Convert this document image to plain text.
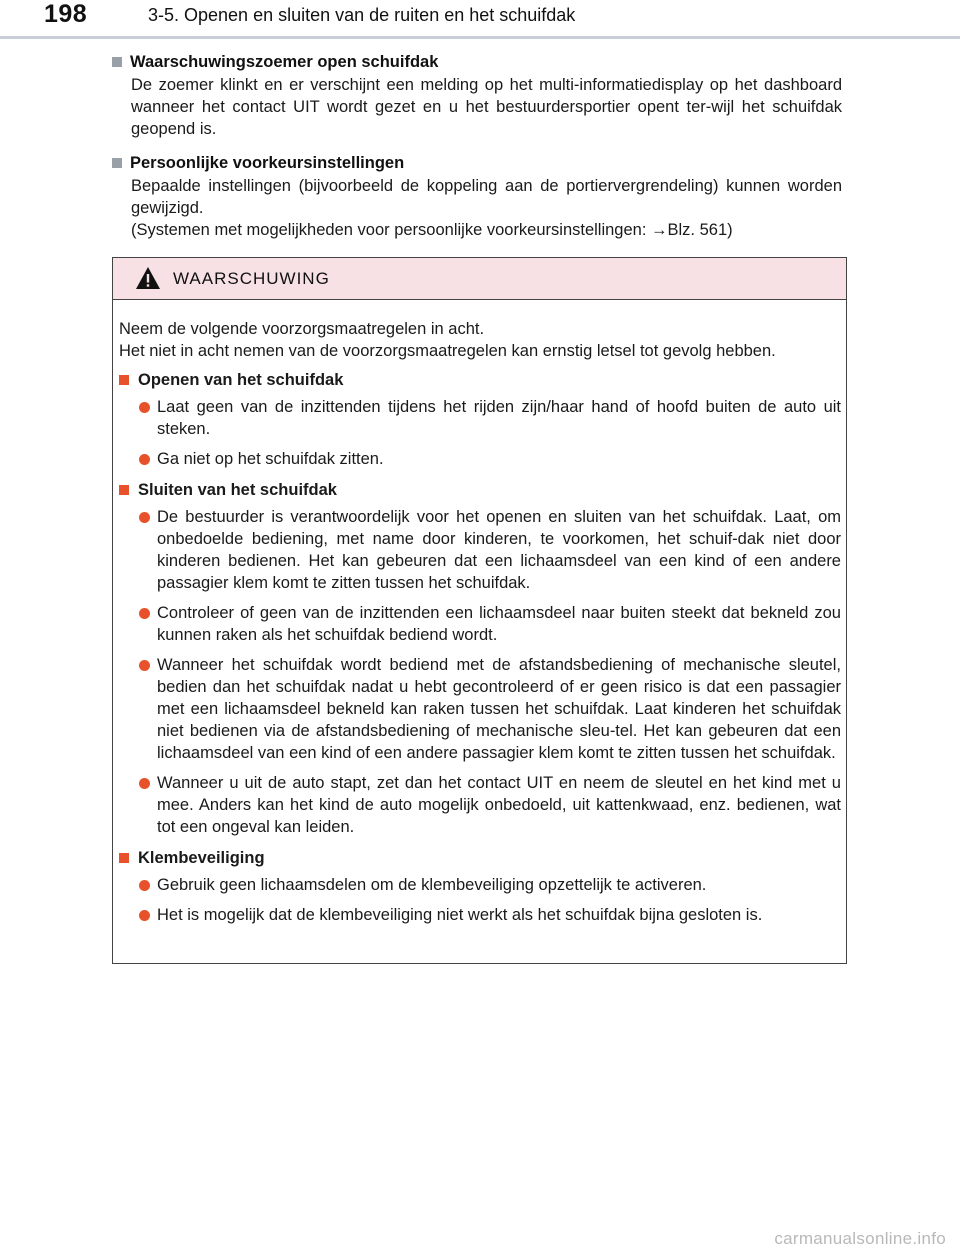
198	3-5. Openen en sluiten van de ruiten en het schuifdak
Waarschuwingszoemer open schuifdak
De zoemer klinkt en er verschijnt een melding op het multi-informatiedisplay op het dashboard wanneer het contact UIT wordt gezet en u het bestuurdersportier opent ter-wijl het schuifdak geopend is.
Persoonlijke voorkeursinstellingen
Bepaalde instellingen (bijvoorbeeld de koppeling aan de portiervergrendeling) kunnen worden gewijzigd.
(Systemen met mogelijkheden voor persoonlijke voorkeursinstellingen: →Blz. 561)
WAARSCHUWING
Neem de volgende voorzorgsmaatregelen in acht.
Het niet in acht nemen van de voorzorgsmaatregelen kan ernstig letsel tot gevolg hebben.
Openen van het schuifdak
Laat geen van de inzittenden tijdens het rijden zijn/haar hand of hoofd buiten de auto uit steken.
Ga niet op het schuifdak zitten.
Sluiten van het schuifdak
De bestuurder is verantwoordelijk voor het openen en sluiten van het schuifdak. Laat, om onbedoelde bediening, met name door kinderen, te voorkomen, het schuif-dak niet door kinderen bedienen. Het kan gebeuren dat een lichaamsdeel van een kind of een andere passagier klem komt te zitten tussen het schuifdak.
Controleer of geen van de inzittenden een lichaamsdeel naar buiten steekt dat bekneld zou kunnen raken als het schuifdak bediend wordt.
Wanneer het schuifdak wordt bediend met de afstandsbediening of mechanische sleutel, bedien dan het schuifdak nadat u hebt gecontroleerd of er geen risico is dat een passagier met een lichaamsdeel bekneld kan raken tussen het schuifdak. Laat kinderen het schuifdak niet bedienen via de afstandsbediening of mechanische sleu-tel. Het kan gebeuren dat een lichaamsdeel van een kind of een andere passagier klem komt te zitten tussen het schuifdak.
Wanneer u uit de auto stapt, zet dan het contact UIT en neem de sleutel en het kind met u mee. Anders kan het kind de auto mogelijk onbedoeld, uit kattenkwaad, enz. bedienen, wat tot een ongeval kan leiden.
Klembeveiliging
Gebruik geen lichaamsdelen om de klembeveiliging opzettelijk te activeren.
Het is mogelijk dat de klembeveiliging niet werkt als het schuifdak bijna gesloten is.
carmanualsonline.info
